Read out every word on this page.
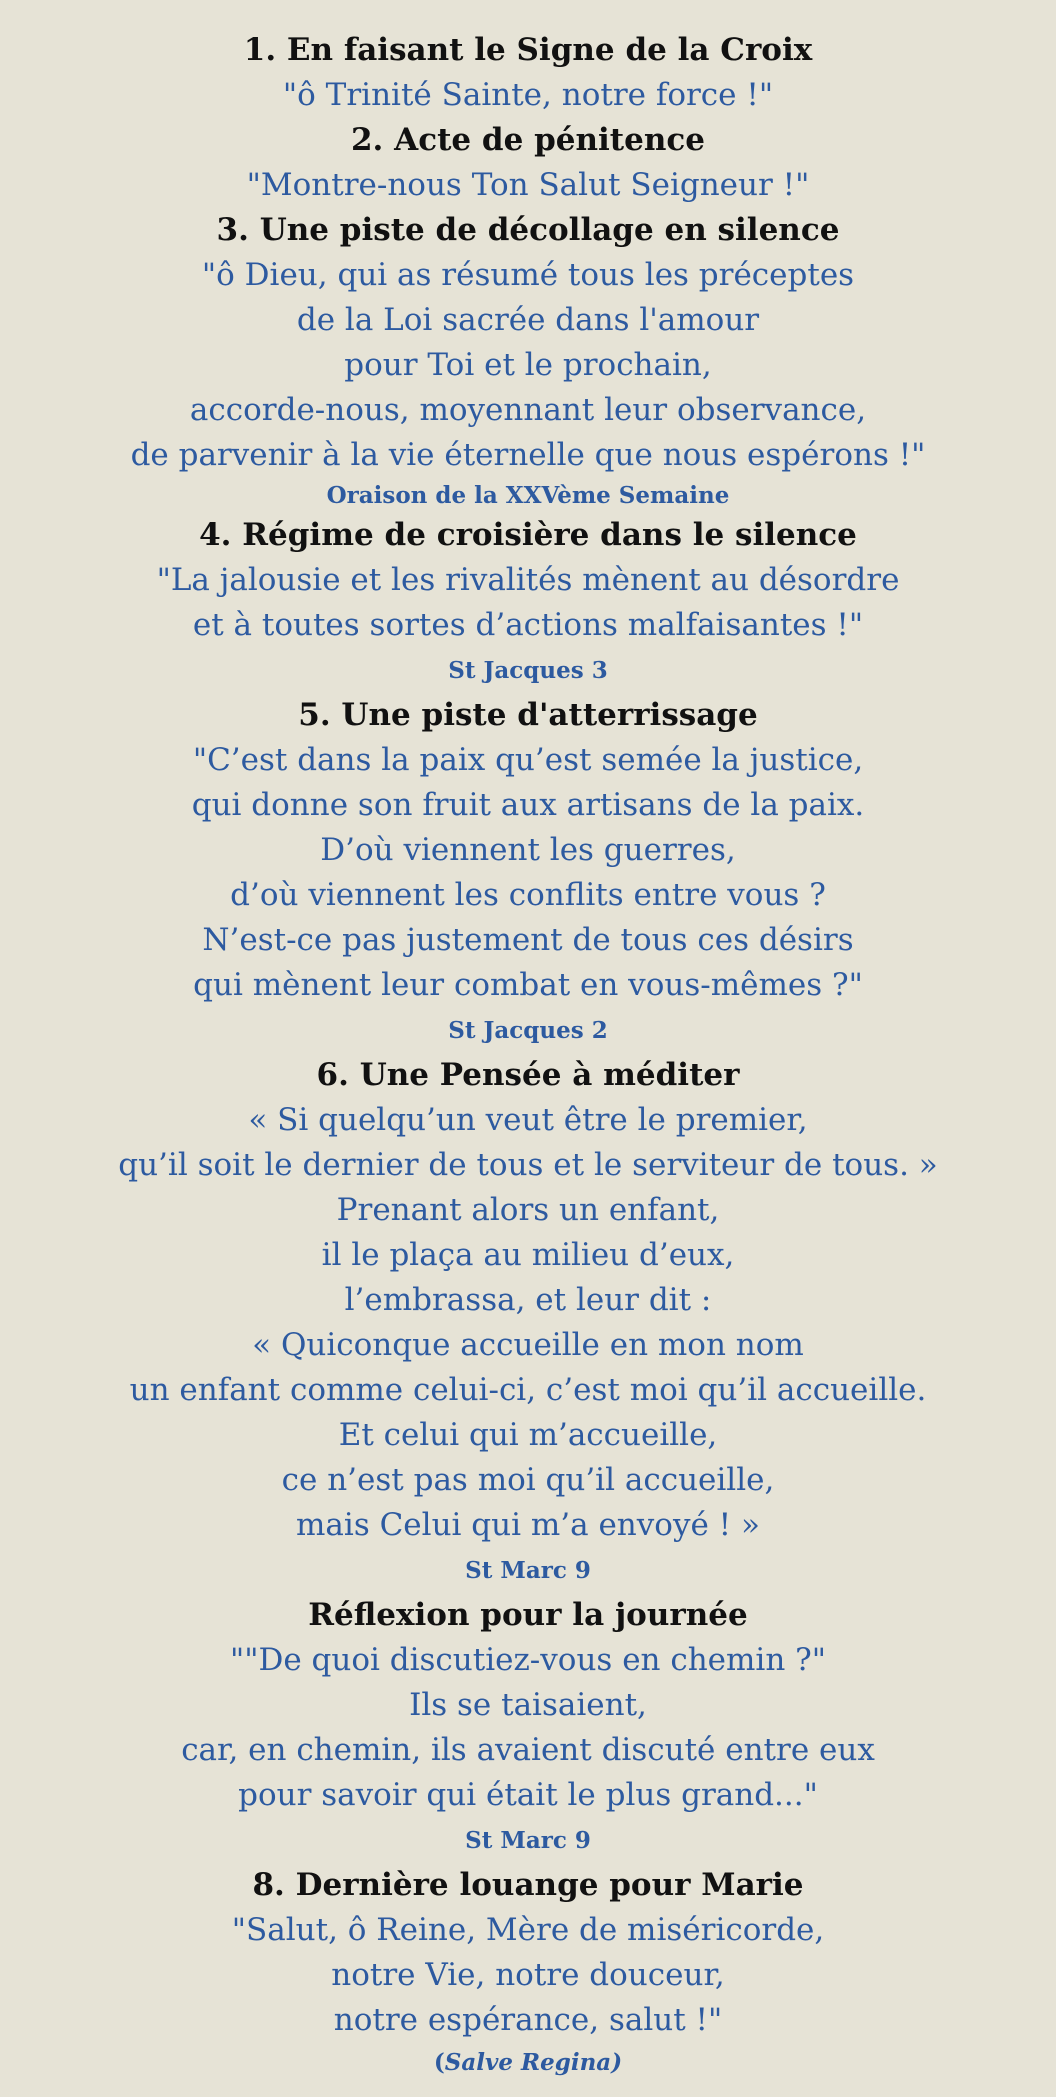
1. En faisant le Signe de la Croix
"ô Trinité Sainte, notre force !"
2. Acte de pénitence
"Montre-nous Ton Salut Seigneur !"
3. Une piste de décollage en silence
"ô Dieu, qui as résumé tous les préceptes
de la Loi sacrée dans l'amour
pour Toi et le prochain,
accorde-nous, moyennant leur observance,
de parvenir à la vie éternelle que nous espérons !"
Oraison de la XXVème Semaine
4. Régime de croisière dans le silence
"La jalousie et les rivalités mènent au désordre
et à toutes sortes d’actions malfaisantes !"
St Jacques 3
5. Une piste d'atterrissage
"C’est dans la paix qu’est semée la justice,
qui donne son fruit aux artisans de la paix.
D’où viennent les guerres,
d’où viennent les conflits entre vous ?
N’est-ce pas justement de tous ces désirs
qui mènent leur combat en vous-mêmes ?"
St Jacques 2
6. Une Pensée à méditer
« Si quelqu’un veut être le premier,
qu’il soit le dernier de tous et le serviteur de tous. »
Prenant alors un enfant,
il le plaça au milieu d’eux,
l’embrassa, et leur dit :
« Quiconque accueille en mon nom
un enfant comme celui-ci, c’est moi qu’il accueille.
Et celui qui m’accueille,
ce n’est pas moi qu’il accueille,
mais Celui qui m’a envoyé ! »
St Marc 9
Réflexion pour la journée
""De quoi discutiez-vous en chemin ?"
Ils se taisaient,
car, en chemin, ils avaient discuté entre eux
pour savoir qui était le plus grand..."
St Marc 9
8. Dernière louange pour Marie
"Salut, ô Reine, Mère de miséricorde,
notre Vie, notre douceur,
notre espérance, salut !"
(Salve Regina)
